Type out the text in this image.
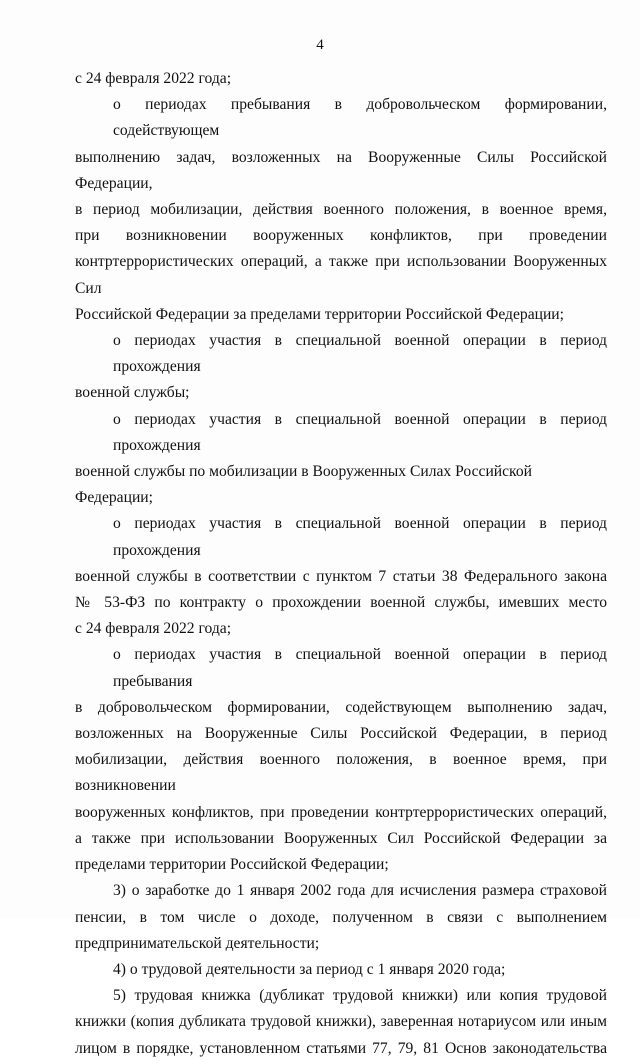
4
с 24 февраля 2022 года;
о периодах пребывания в добровольческом формировании, содействующем
выполнению задач, возложенных на Вооруженные Силы Российской Федерации,
в период мобилизации, действия военного положения, в военное время,
при возникновении вооруженных конфликтов, при проведении
контртеррористических операций, а также при использовании Вооруженных Сил
Российской Федерации за пределами территории Российской Федерации;
о периодах участия в специальной военной операции в период прохождения
военной службы;
о периодах участия в специальной военной операции в период прохождения
военной службы по мобилизации в Вооруженных Силах Российской Федерации;
о периодах участия в специальной военной операции в период прохождения
военной службы в соответствии с пунктом 7 статьи 38 Федерального закона
№ 53-ФЗ по контракту о прохождении военной службы, имевших место
с 24 февраля 2022 года;
о периодах участия в специальной военной операции в период пребывания
в добровольческом формировании, содействующем выполнению задач,
возложенных на Вооруженные Силы Российской Федерации, в период
мобилизации, действия военного положения, в военное время, при возникновении
вооруженных конфликтов, при проведении контртеррористических операций,
а также при использовании Вооруженных Сил Российской Федерации за
пределами территории Российской Федерации;
3) о заработке до 1 января 2002 года для исчисления размера страховой
пенсии, в том числе о доходе, полученном в связи с выполнением
предпринимательской деятельности;
4) о трудовой деятельности за период с 1 января 2020 года;
5) трудовая книжка (дубликат трудовой книжки) или копия трудовой
книжки (копия дубликата трудовой книжки), заверенная нотариусом или иным
лицом в порядке, установленном статьями 77, 79, 81 Основ законодательства
